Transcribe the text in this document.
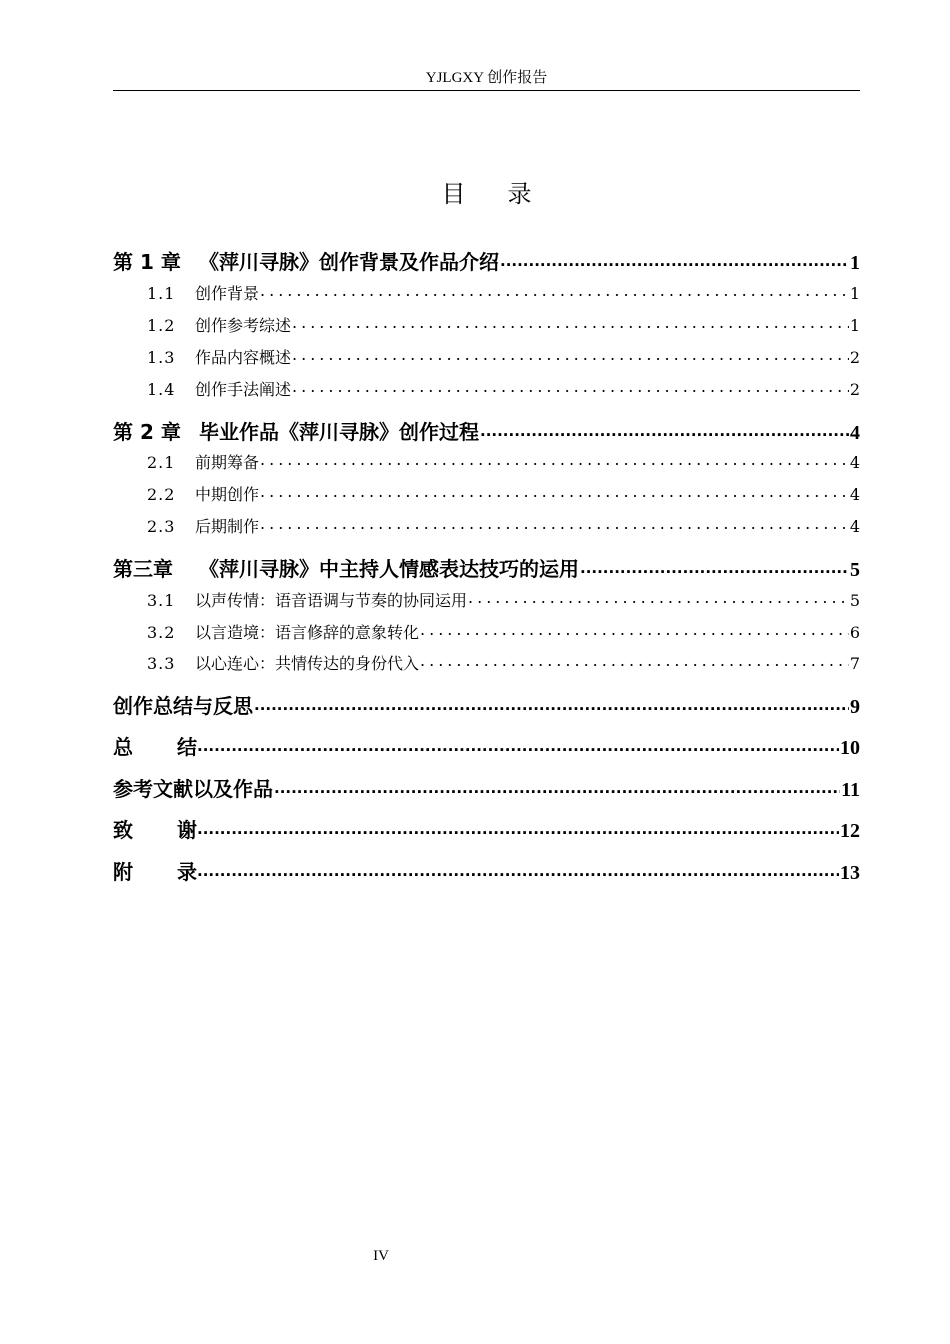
YJLGXY 创作报告
目录
第 1 章 《萍川寻脉》创作背景及作品介绍 .....	1
1.1	创作背景 .....	1
1.2	创作参考综述 .....	1
1.3	作品内容概述 .....	2
1.4	创作手法阐述 .....	2
第 2 章 毕业作品《萍川寻脉》创作过程 .....	4
2.1	前期筹备 .....	4
2.2	中期创作 .....	4
2.3	后期制作 .....	4
第三章	《萍川寻脉》中主持人情感表达技巧的运用 .....	5
3.1	以声传情：语音语调与节奏的协同运用 .....	5
3.2	以言造境：语言修辞的意象转化 .....	6
3.3	以心连心：共情传达的身份代入 .....	7
创作总结与反思 .....	9
总结 .....	10
参考文献以及作品 .....	11
致谢 .....	12
附录 .....	13
IV
